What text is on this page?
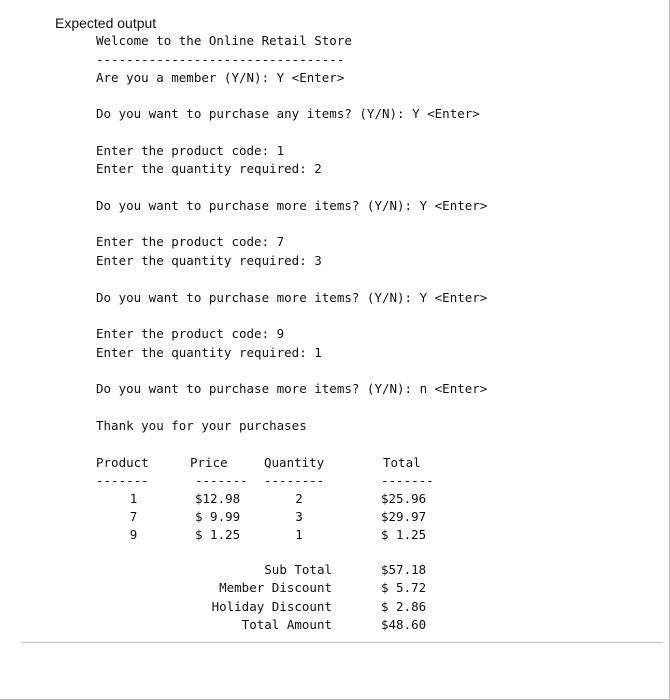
Expected output
Welcome to the Online Retail Store
---------------------------------
Are you a member (Y/N): Y <Enter>
Do you want to purchase any items? (Y/N): Y <Enter>
Enter the product code: 1
Enter the quantity required: 2
Do you want to purchase more items? (Y/N): Y <Enter>
Enter the product code: 7
Enter the quantity required: 3
Do you want to purchase more items? (Y/N): Y <Enter>
Enter the product code: 9
Enter the quantity required: 1
Do you want to purchase more items? (Y/N): n <Enter>
Thank you for your purchases
Product	Price	Quantity	Total
-------	------- --------	-------
1	$12.98	2	$25.96
7	$ 9.99	3	$29.97
9	$ 1.25	1	$ 1.25
Sub Total	$57.18
Member Discount	$ 5.72
Holiday Discount	$ 2.86
Total Amount	$48.60
